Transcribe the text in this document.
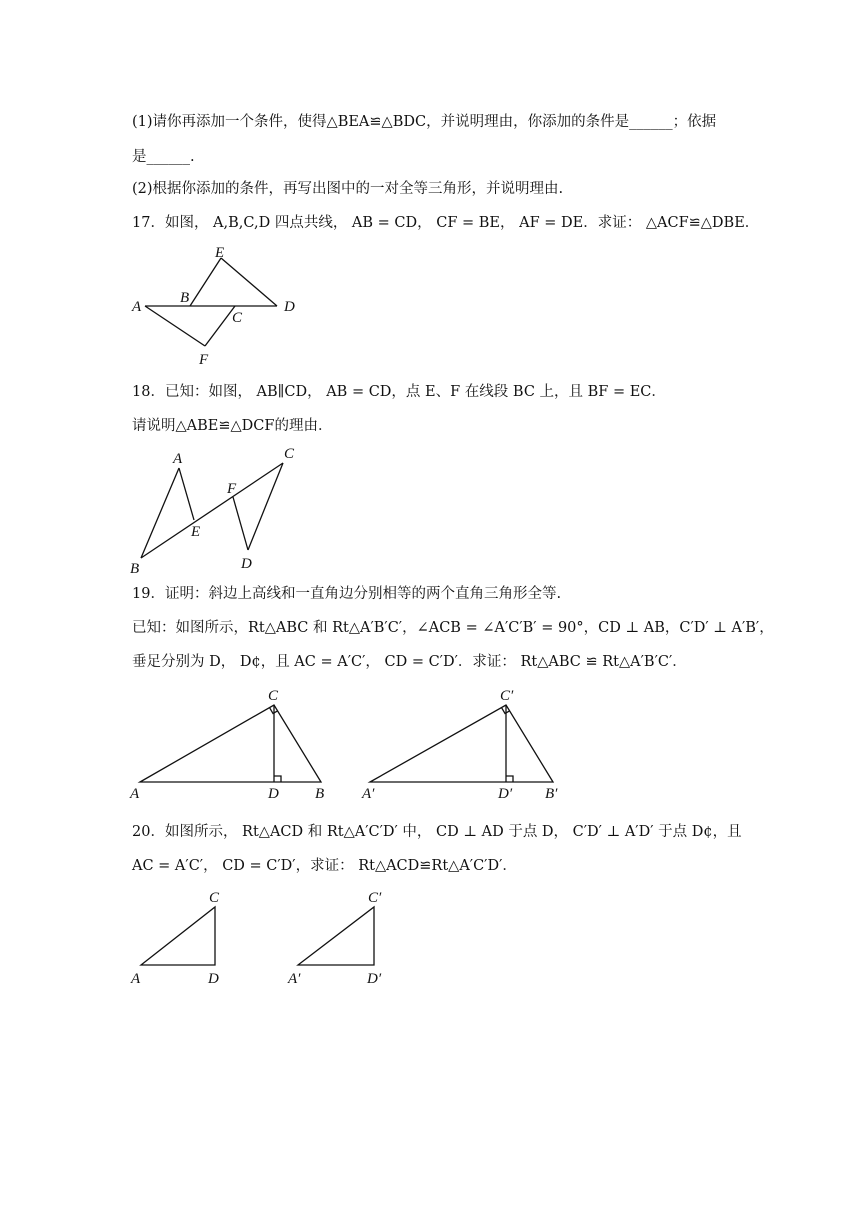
(1)请你再添加一个条件，使得△BEA≌△BDC，并说明理由，你添加的条件是______；依据
是______.
(2)根据你添加的条件，再写出图中的一对全等三角形，并说明理由.
17．如图， A,B,C,D 四点共线， AB = CD， CF = BE， AF = DE．求证： △ACF≌△DBE．
A
B
C
D
E
F
18．已知：如图， AB∥CD， AB = CD，点 E、F 在线段 BC 上，且 BF = EC．
请说明△ABE≌△DCF的理由．
A
B
C
D
E
F
19．证明：斜边上高线和一直角边分别相等的两个直角三角形全等.
已知：如图所示，Rt△ABC 和 Rt△A′B′C′，∠ACB = ∠A′C′B′ = 90°，CD ⊥ AB，C′D′ ⊥ A′B′，
垂足分别为 D， D¢，且 AC = A′C′， CD = C′D′．求证： Rt△ABC ≌ Rt△A′B′C′．
A	B
C
D	A′	B′
C′
D′
20．如图所示， Rt△ACD 和 Rt△A′C′D′ 中， CD ⊥ AD 于点 D， C′D′ ⊥ A′D′ 于点 D¢，且
AC = A′C′， CD = C′D′，求证： Rt△ACD≌Rt△A′C′D′．
A
C
D	A′
C′
D′
